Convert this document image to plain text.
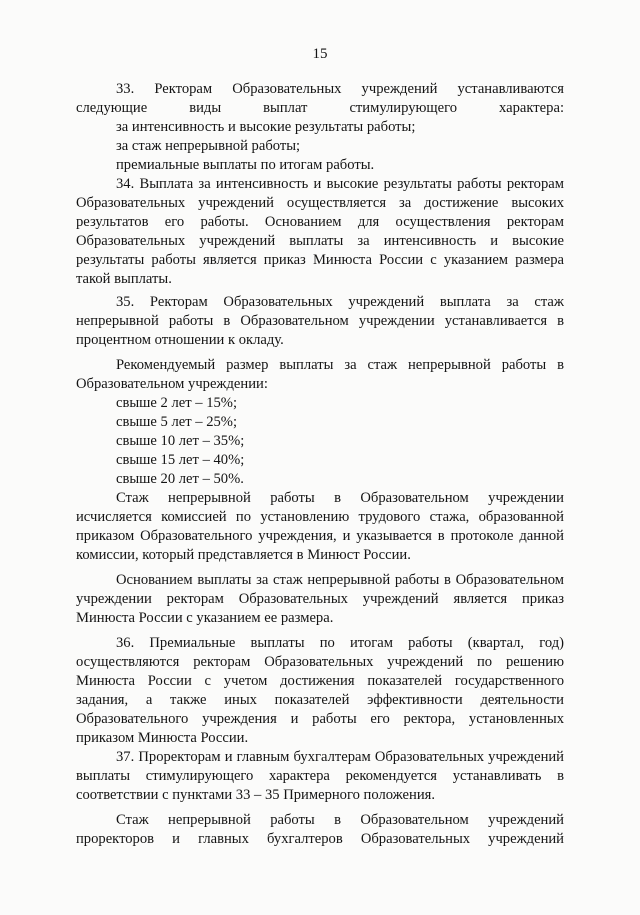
15

33. Ректорам Образовательных учреждений устанавливаются следующие виды выплат стимулирующего характера:

за интенсивность и высокие результаты работы;

за стаж непрерывной работы;

премиальные выплаты по итогам работы.

34. Выплата за интенсивность и высокие результаты работы ректорам Образовательных учреждений осуществляется за достижение высоких результатов его работы. Основанием для осуществления ректорам Образовательных учреждений выплаты за интенсивность и высокие результаты работы является приказ Минюста России с указанием размера такой выплаты.

35. Ректорам Образовательных учреждений выплата за стаж непрерывной работы в Образовательном учреждении устанавливается в процентном отношении к окладу.

Рекомендуемый размер выплаты за стаж непрерывной работы в Образовательном учреждении:

свыше 2 лет – 15%;

свыше 5 лет – 25%;

свыше 10 лет – 35%;

свыше 15 лет – 40%;

свыше 20 лет – 50%.

Стаж непрерывной работы в Образовательном учреждении исчисляется комиссией по установлению трудового стажа, образованной приказом Образовательного учреждения, и указывается в протоколе данной комиссии, который представляется в Минюст России.

Основанием выплаты за стаж непрерывной работы в Образовательном учреждении ректорам Образовательных учреждений является приказ Минюста России с указанием ее размера.

36. Премиальные выплаты по итогам работы (квартал, год) осуществляются ректорам Образовательных учреждений по решению Минюста России с учетом достижения показателей государственного задания, а также иных показателей эффективности деятельности Образовательного учреждения и работы его ректора, установленных приказом Минюста России.

37. Проректорам и главным бухгалтерам Образовательных учреждений выплаты стимулирующего характера рекомендуется устанавливать в соответствии с пунктами 33 – 35 Примерного положения.

Стаж непрерывной работы в Образовательном учреждений проректоров и главных бухгалтеров Образовательных учреждений
